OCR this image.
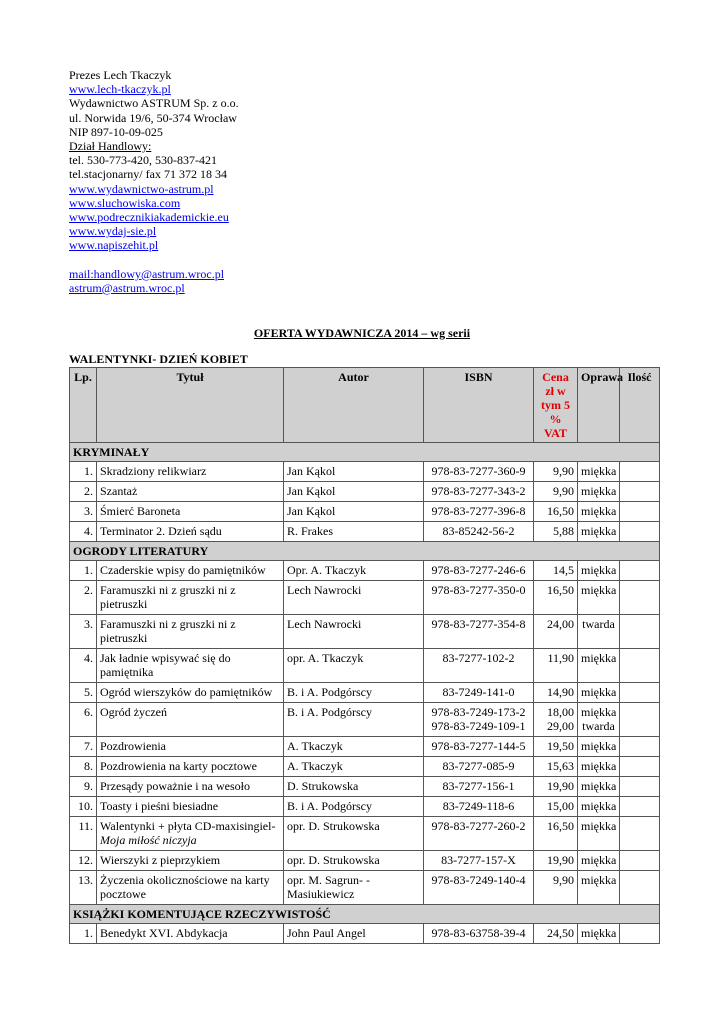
Prezes Lech Tkaczyk
www.lech-tkaczyk.pl
Wydawnictwo ASTRUM Sp. z o.o.
ul. Norwida 19/6, 50-374 Wrocław
NIP 897-10-09-025
Dział Handlowy:
tel. 530-773-420, 530-837-421
tel.stacjonarny/ fax 71 372 18 34
www.wydawnictwo-astrum.pl
www.sluchowiska.com
www.podrecznikiakademickie.eu
www.wydaj-sie.pl
www.napiszehit.pl
mail:handlowy@astrum.wroc.pl
astrum@astrum.wroc.pl
OFERTA WYDAWNICZA 2014 – wg serii
WALENTYNKI- DZIEŃ KOBIET
Lp.	Tytuł	Autor	ISBN	Cena zł w tym 5 % VAT	Oprawa	Ilość
KRYMINAŁY						
1.	Skradziony relikwiarz	Jan Kąkol	978-83-7277-360-9	9,90	miękka	
2.	Szantaż	Jan Kąkol	978-83-7277-343-2	9,90	miękka	
3.	Śmierć Baroneta	Jan Kąkol	978-83-7277-396-8	16,50	miękka	
4.	Terminator 2. Dzień sądu	R. Frakes	83-85242-56-2	5,88	miękka	
OGRODY LITERATURY						
1.	Czaderskie wpisy do pamiętników	Opr. A. Tkaczyk	978-83-7277-246-6	14,5	miękka	
2.	Faramuszki ni z gruszki ni z pietruszki	Lech Nawrocki	978-83-7277-350-0	16,50	miękka	
3.	Faramuszki ni z gruszki ni z pietruszki	Lech Nawrocki	978-83-7277-354-8	24,00	twarda	
4.	Jak ładnie wpisywać się do pamiętnika	opr. A. Tkaczyk	83-7277-102-2	11,90	miękka	
5.	Ogród wierszyków do pamiętników	B. i A. Podgórscy	83-7249-141-0	14,90	miękka	
6.	Ogród życzeń	B. i A. Podgórscy	978-83-7249-173-2 978-83-7249-109-1	18,00 29,00	miękka twarda	
7.	Pozdrowienia	A. Tkaczyk	978-83-7277-144-5	19,50	miękka	
8.	Pozdrowienia na karty pocztowe	A. Tkaczyk	83-7277-085-9	15,63	miękka	
9.	Przesądy poważnie i na wesoło	D. Strukowska	83-7277-156-1	19,90	miękka	
10.	Toasty i pieśni biesiadne	B. i A. Podgórscy	83-7249-118-6	15,00	miękka	
11.	Walentynki + płyta CD-maxisingiel-
Moja miłość niczyja	opr. D. Strukowska	978-83-7277-260-2	16,50	miękka	
12.	Wierszyki z pieprzykiem	opr. D. Strukowska	83-7277-157-X	19,90	miękka	
13.	Życzenia okolicznościowe na karty pocztowe	opr. M. Sagrun- -Masiukiewicz	978-83-7249-140-4	9,90	miękka	
KSIĄŻKI KOMENTUJĄCE RZECZYWISTOŚĆ						
1.	Benedykt XVI. Abdykacja	John Paul Angel	978-83-63758-39-4	24,50	miękka	
